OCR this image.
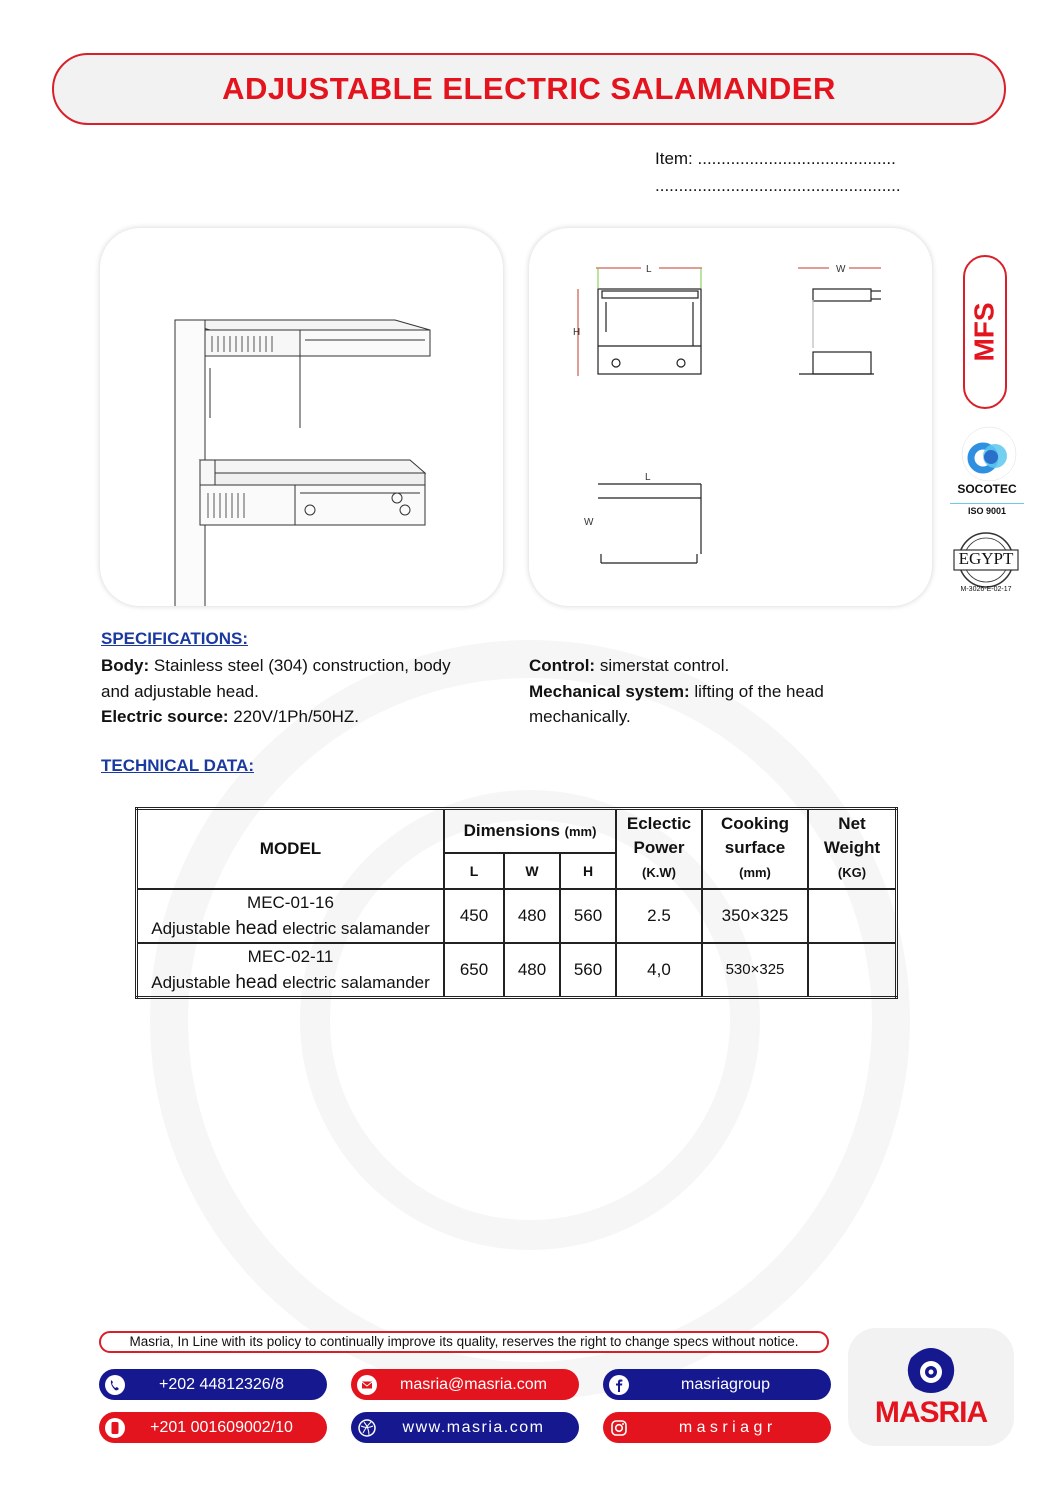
ADJUSTABLE ELECTRIC SALAMANDER
Item: ..........................................
....................................................
L
H
W
L
W
MFS
SOCOTEC
ISO 9001
EGYPT
M-3026-E-02-17
SPECIFICATIONS:
Body: Stainless steel (304) construction, body
and adjustable head.
Electric source: 220V/1Ph/50HZ.
Control: simerstat control.
Mechanical system: lifting of the head
mechanically.
TECHNICAL DATA:
MODEL	Dimensions (mm)			Eclectic
Power
(K.W)	Cooking
surface
(mm)	Net
Weight
(KG)
	L	W	H			
MEC-01-16
Adjustable head electric salamander	450	480	560	2.5	350×325	
MEC-02-11
Adjustable head electric salamander	650	480	560	4,0	530×325	
Masria, In Line with its policy to continually improve its quality, reserves the right to change specs without notice.
+202 44812326/8	masria@masria.com	masriagroup
+201 001609002/10	www.masria.com	m a s r i a g r	MASRIA
